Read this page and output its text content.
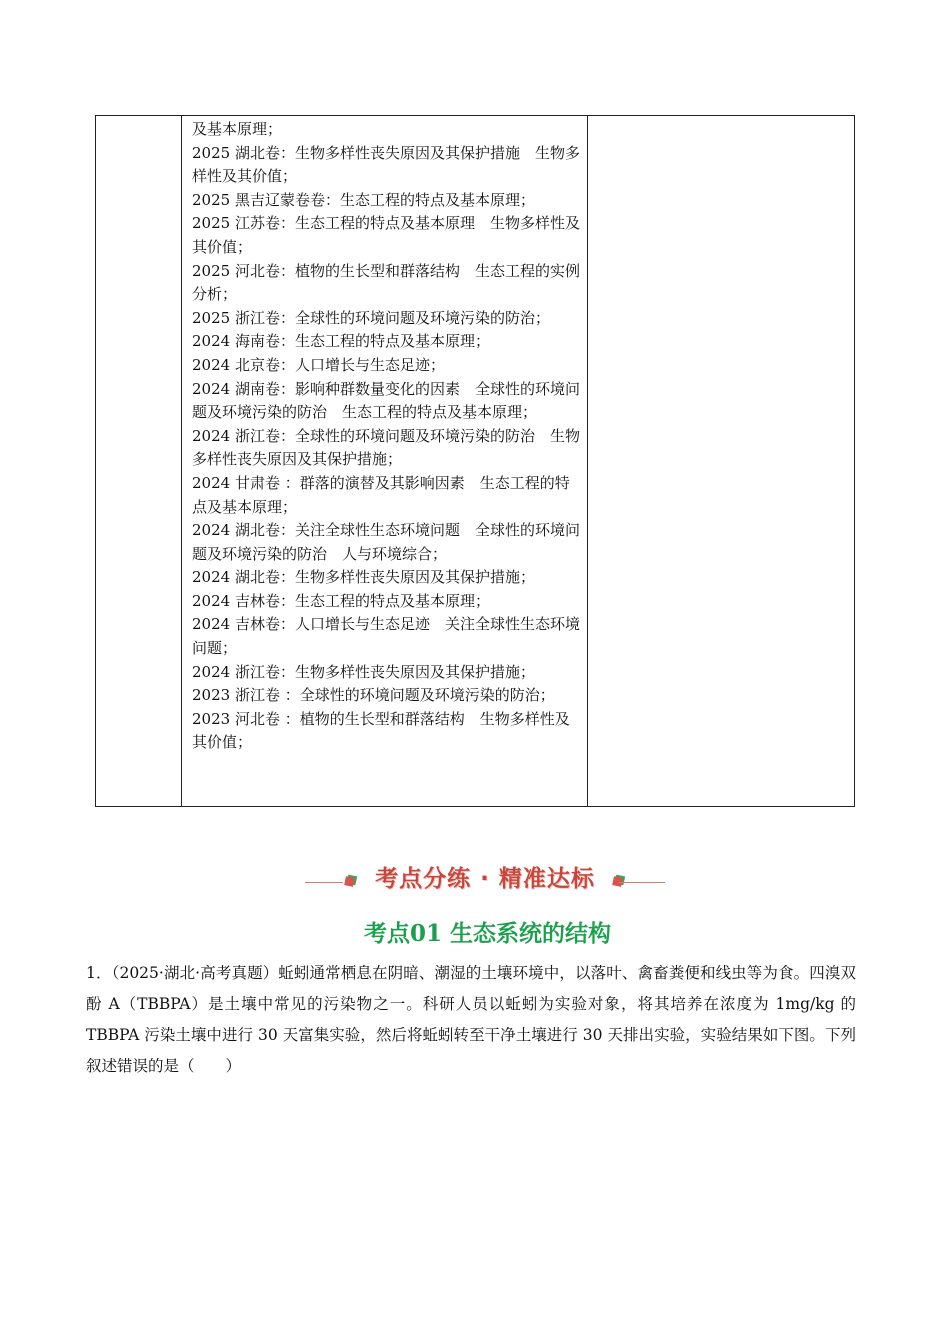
及基本原理；

2025 湖北卷：生物多样性丧失原因及其保护措施　生物多样性及其价值；

2025 黑吉辽蒙卷卷：生态工程的特点及基本原理；

2025 江苏卷：生态工程的特点及基本原理　生物多样性及其价值；

2025 河北卷：植物的生长型和群落结构　生态工程的实例分析；

2025 浙江卷：全球性的环境问题及环境污染的防治；

2024 海南卷：生态工程的特点及基本原理；

2024 北京卷：人口增长与生态足迹；

2024 湖南卷：影响种群数量变化的因素　全球性的环境问题及环境污染的防治　生态工程的特点及基本原理；

2024 浙江卷：全球性的环境问题及环境污染的防治　生物多样性丧失原因及其保护措施；

2024 甘肃卷 ：群落的演替及其影响因素　生态工程的特点及基本原理；

2024 湖北卷：关注全球性生态环境问题　全球性的环境问题及环境污染的防治　人与环境综合；

2024 湖北卷：生物多样性丧失原因及其保护措施；

2024 吉林卷：生态工程的特点及基本原理；

2024 吉林卷：人口增长与生态足迹　关注全球性生态环境问题；

2024 浙江卷：生物多样性丧失原因及其保护措施；

2023 浙江卷 ：全球性的环境问题及环境污染的防治；

2023 河北卷 ：植物的生长型和群落结构　生物多样性及其价值；

考点分练 · 精准达标
考点01 生态系统的结构

1．（2025·湖北·高考真题）蚯蚓通常栖息在阴暗、潮湿的土壤环境中，以落叶、禽畜粪便和线虫等为食。四溴双酚 A（TBBPA）是土壤中常见的污染物之一。科研人员以蚯蚓为实验对象，将其培养在浓度为 1mg/kg 的 TBBPA 污染土壤中进行 30 天富集实验，然后将蚯蚓转至干净土壤进行 30 天排出实验，实验结果如下图。下列叙述错误的是（　　）
